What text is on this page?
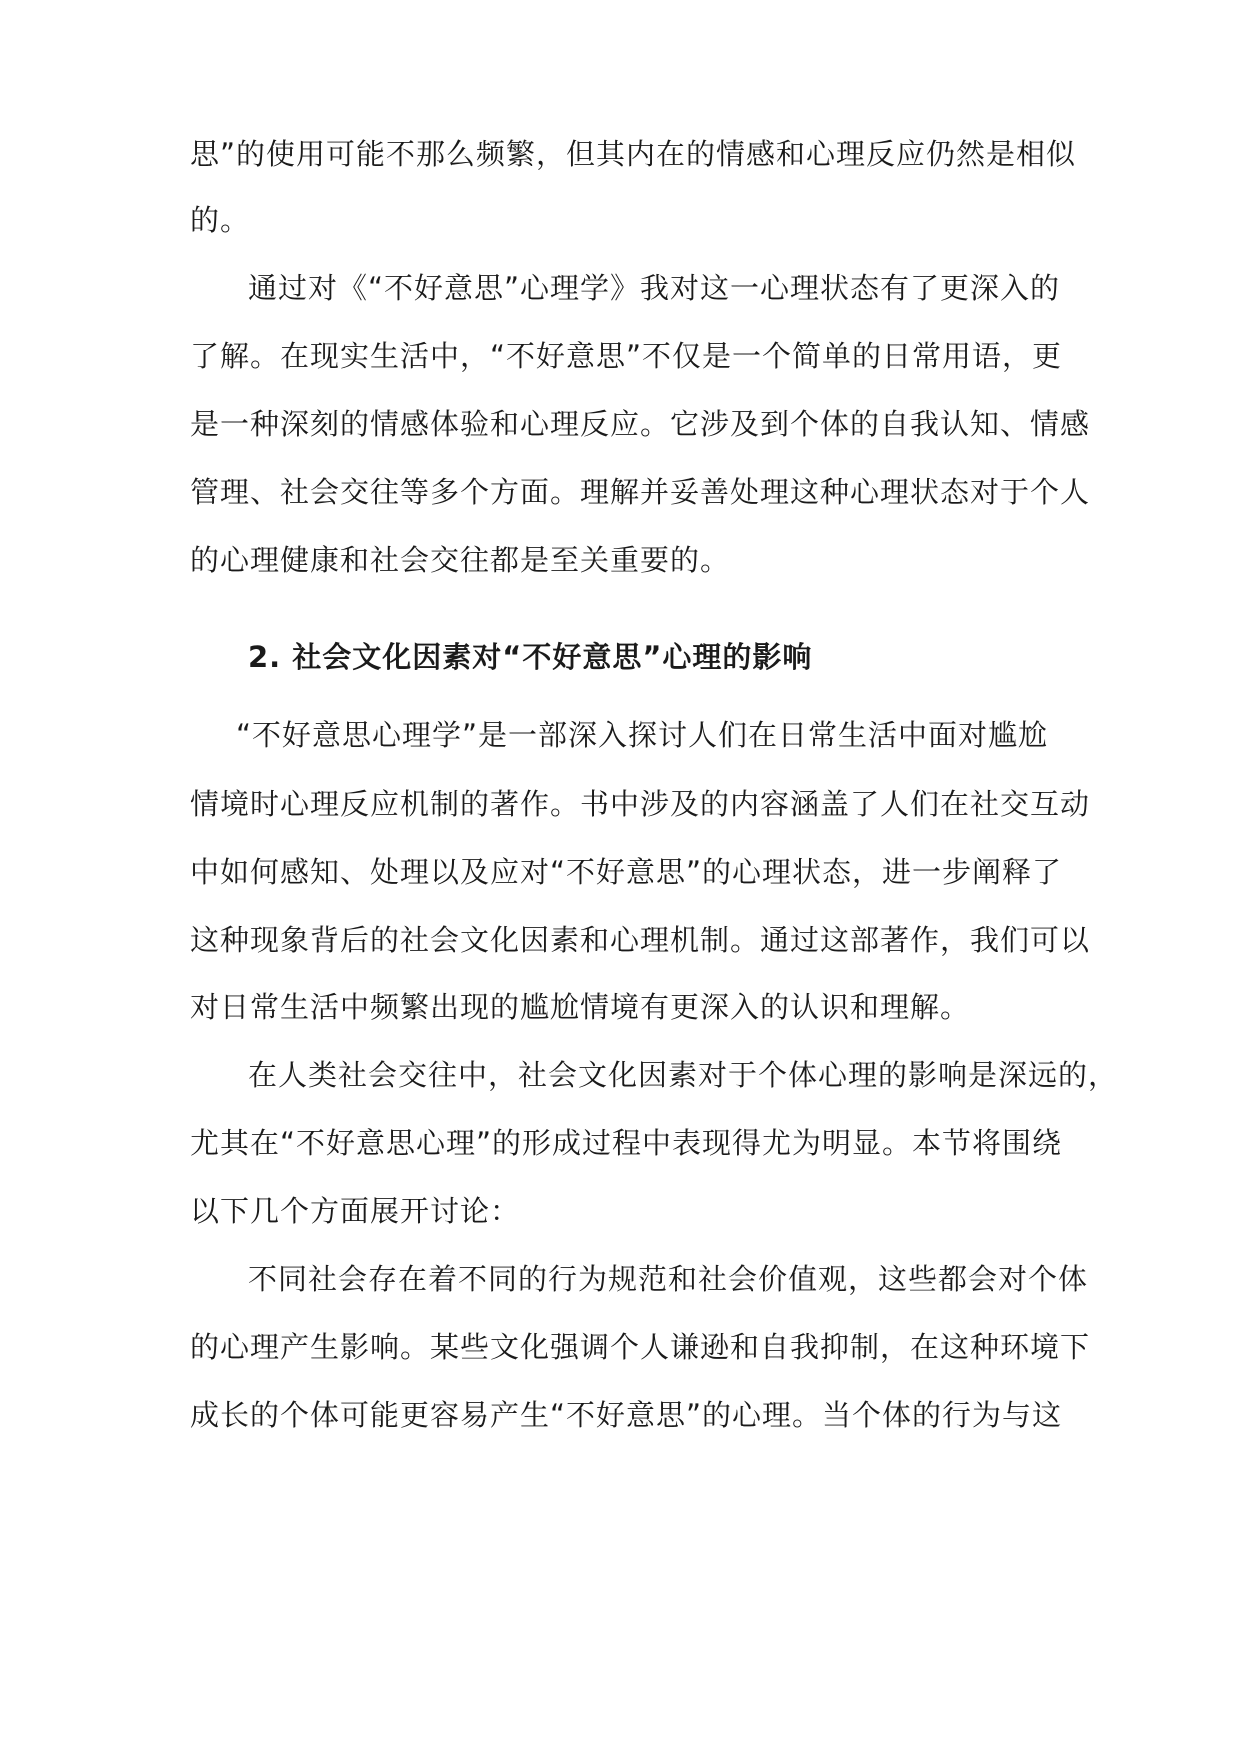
思”的使用可能不那么频繁，但其内在的情感和心理反应仍然是相似
的。
通过对《“不好意思”心理学》我对这一心理状态有了更深入的
了解。在现实生活中，“不好意思”不仅是一个简单的日常用语，更
是一种深刻的情感体验和心理反应。它涉及到个体的自我认知、情感
管理、社会交往等多个方面。理解并妥善处理这种心理状态对于个人
的心理健康和社会交往都是至关重要的。
2. 社会文化因素对“不好意思”心理的影响
“不好意思心理学”是一部深入探讨人们在日常生活中面对尴尬
情境时心理反应机制的著作。书中涉及的内容涵盖了人们在社交互动
中如何感知、处理以及应对“不好意思”的心理状态，进一步阐释了
这种现象背后的社会文化因素和心理机制。通过这部著作，我们可以
对日常生活中频繁出现的尴尬情境有更深入的认识和理解。
在人类社会交往中，社会文化因素对于个体心理的影响是深远的，
尤其在“不好意思心理”的形成过程中表现得尤为明显。本节将围绕
以下几个方面展开讨论：
不同社会存在着不同的行为规范和社会价值观，这些都会对个体
的心理产生影响。某些文化强调个人谦逊和自我抑制，在这种环境下
成长的个体可能更容易产生“不好意思”的心理。当个体的行为与这
